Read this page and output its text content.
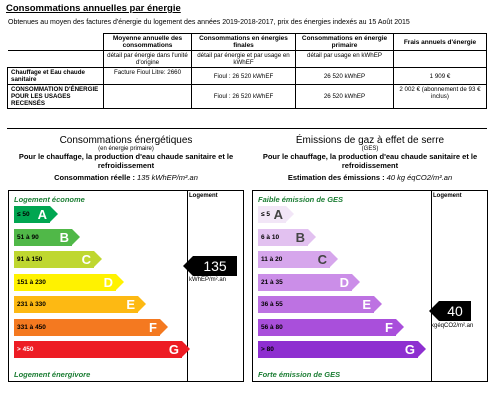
Consommations annuelles par énergie
Obtenues au moyen des factures d'énergie du logement des années 2019-2018-2017, prix des énergies indexés au 15 Août 2015
	Moyenne annuelle des consommations	Consommations en énergies finales	Consommations en énergie primaire	Frais annuels d'énergie
	détail par énergie dans l'unité d'origine	détail par énergie et par usage en kWhEF	détail par usage en kWhEP	
Chauffage et Eau chaude sanitaire	Facture Fioul Litre: 2660	Fioul : 26 520 kWhEF	26 520 kWhEP	1 909 €
CONSOMMATION D'ÉNERGIE POUR LES USAGES RECENSÉS		Fioul : 26 520 kWhEF	26 520 kWhEP	2 002 € (abonnement de 93 € inclus)
Consommations énergétiques
(en énergie primaire)
Pour le chauffage, la production d'eau chaude sanitaire et le refroidissement
Consommation réelle : 135 kWhEP/m².an
Logement économe	Logement
≤ 50 A
51 à 90 B
91 à 150	C
151 à 230	D
231 à 330	E
331 à 450	F
> 450	G
135
kWhEP/m².an
Logement énergivore
Émissions de gaz à effet de serre
(GES)
Pour le chauffage, la production d'eau chaude sanitaire et le refroidissement
Estimation des émissions : 40 kg éqCO2/m².an
Faible émission de GES	Logement
≤ 5 A
6 à 10 B
11 à 20	C
21 à 35	D
36 à 55	E
56 à 80	F
> 80	G
40
kgéqCO2/m².an
Forte émission de GES
